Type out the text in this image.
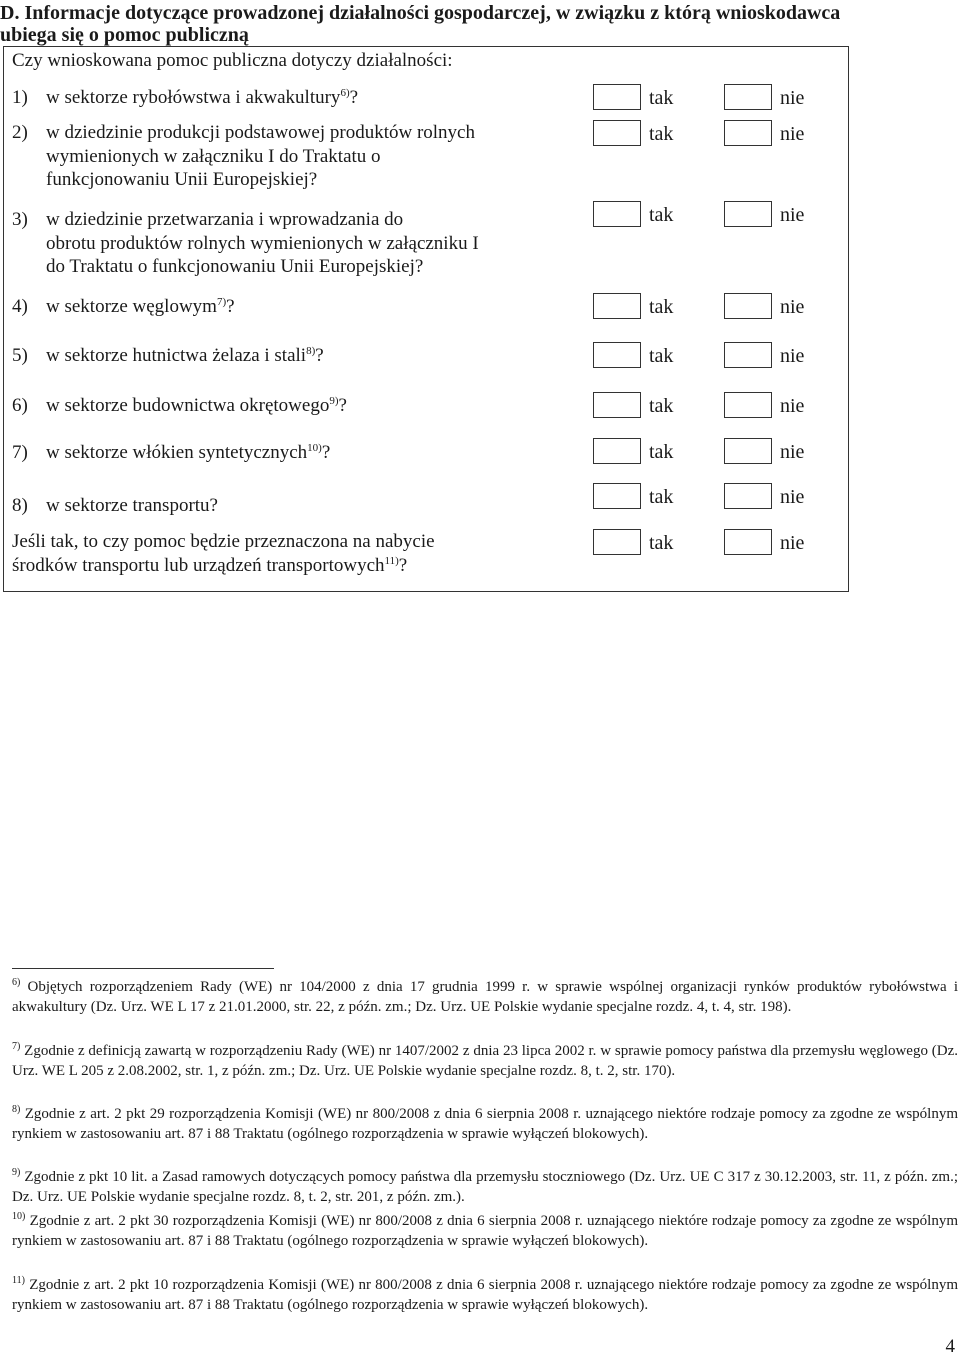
D. Informacje dotyczące prowadzonej działalności gospodarczej, w związku z którą wnioskodawca ubiega się o pomoc publiczną
Czy wnioskowana pomoc publiczna dotyczy działalności:
1) w sektorze rybołówstwa i akwakultury$^{6)}$?	tak	nie
2) w dziedzinie produkcji podstawowej produktów rolnych
wymienionych w załączniku I do Traktatu o
funkcjonowaniu Unii Europejskiej?
tak	nie
3) w dziedzinie przetwarzania i wprowadzania do
obrotu produktów rolnych wymienionych w załączniku I
do Traktatu o funkcjonowaniu Unii Europejskiej?
tak	nie
4) w sektorze węglowym$^{7)}$?	tak	nie
5) w sektorze hutnictwa żelaza i stali$^{8)}$?	tak	nie
6) w sektorze budownictwa okrętowego$^{9)}$?	tak	nie
7) w sektorze włókien syntetycznych$^{10)}$?	tak	nie
8) w sektorze transportu?	tak	nie
Jeśli tak, to czy pomoc będzie przeznaczona na nabycie
środków transportu lub urządzeń transportowych$^{11)}$?
tak	nie
$^{6)}$ Objętych rozporządzeniem Rady (WE) nr 104/2000 z dnia 17 grudnia 1999 r. w sprawie wspólnej organizacji rynków produktów rybołówstwa i akwakultury (Dz. Urz. WE L 17 z 21.01.2000, str. 22, z późn. zm.; Dz. Urz. UE Polskie wydanie specjalne rozdz. 4, t. 4, str. 198).
$^{7)}$ Zgodnie z definicją zawartą w rozporządzeniu Rady (WE) nr 1407/2002 z dnia 23 lipca 2002 r. w sprawie pomocy państwa dla przemysłu węglowego (Dz. Urz. WE L 205 z 2.08.2002, str. 1, z późn. zm.; Dz. Urz. UE Polskie wydanie specjalne rozdz. 8, t. 2, str. 170).
$^{8)}$ Zgodnie z art. 2 pkt 29 rozporządzenia Komisji (WE) nr 800/2008 z dnia 6 sierpnia 2008 r. uznającego niektóre rodzaje pomocy za zgodne ze wspólnym rynkiem w zastosowaniu art. 87 i 88 Traktatu (ogólnego rozporządzenia w sprawie wyłączeń blokowych).
$^{9)}$ Zgodnie z pkt 10 lit. a Zasad ramowych dotyczących pomocy państwa dla przemysłu stoczniowego (Dz. Urz. UE C 317 z 30.12.2003, str. 11, z późn. zm.; Dz. Urz. UE Polskie wydanie specjalne rozdz. 8, t. 2, str. 201, z późn. zm.).
$^{10)}$ Zgodnie z art. 2 pkt 30 rozporządzenia Komisji (WE) nr 800/2008 z dnia 6 sierpnia 2008 r. uznającego niektóre rodzaje pomocy za zgodne ze wspólnym rynkiem w zastosowaniu art. 87 i 88 Traktatu (ogólnego rozporządzenia w sprawie wyłączeń blokowych).
$^{11)}$ Zgodnie z art. 2 pkt 10 rozporządzenia Komisji (WE) nr 800/2008 z dnia 6 sierpnia 2008 r. uznającego niektóre rodzaje pomocy za zgodne ze wspólnym rynkiem w zastosowaniu art. 87 i 88 Traktatu (ogólnego rozporządzenia w sprawie wyłączeń blokowych).
4
